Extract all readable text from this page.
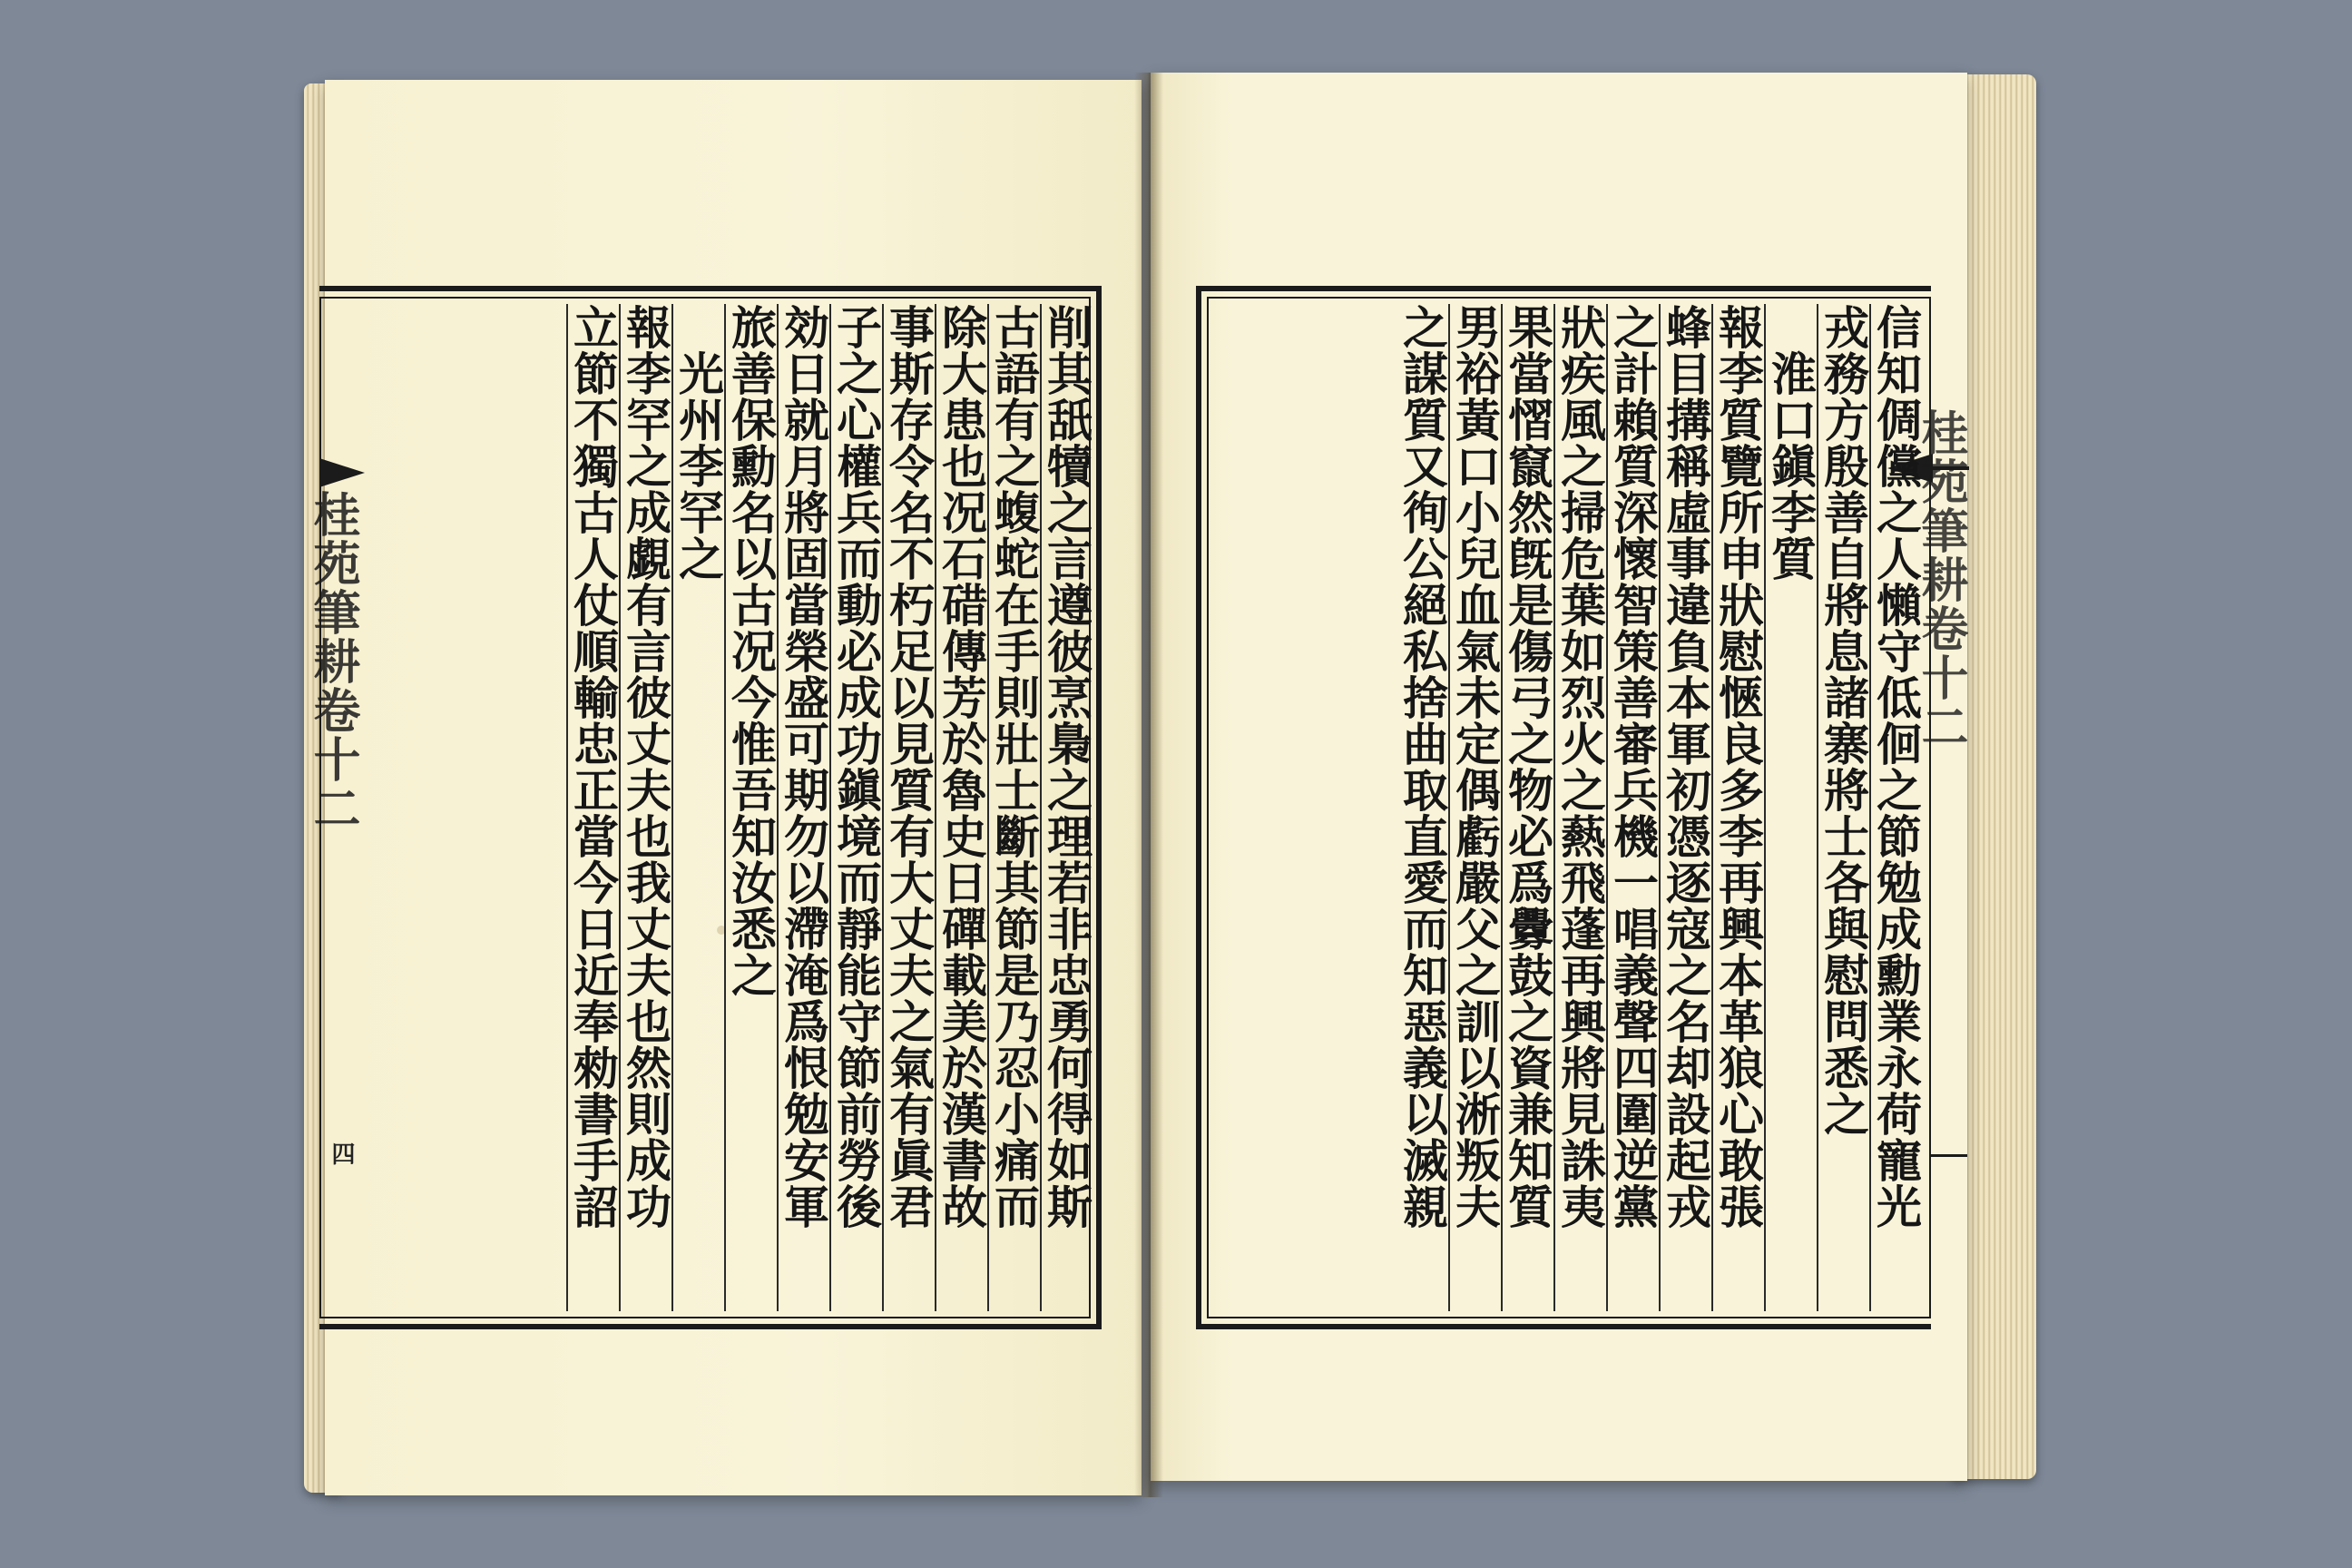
桂苑筆耕卷十二
四	削其舐犢之言遵彼烹梟之理若非忠勇何得如斯
古語有之蝮蛇在手則壯士斷其節是乃忍小痛而
除大患也况石碏傳芳於魯史日磾載美於漢書故
事斯存令名不朽足以見質有大丈夫之氣有眞君
子之心權兵而動必成功鎭境而靜能守節前勞後
効日就月將固當榮盛可期勿以滯淹爲恨勉安軍
旅善保勳名以古况今惟吾知汝悉之
　光州李罕之
報李罕之成覷有言彼丈夫也我丈夫也然則成功
立節不獨古人仗順輸忠正當今日近奉勑書手詔	桂苑筆耕卷十二
信知倜儻之人懶守低佪之節勉成勳業永荷寵光
戎務方殷善自將息諸寨將士各與慰問悉之
　淮口鎭李質
報李質覽所申狀慰愜良多李再興本革狼心敢張
蜂目搆稱虛事違負本軍初憑逐寇之名却設起戎
之計賴質深懷智策善審兵機一唱義聲四圍逆黨
狀疾風之掃危葉如烈火之爇飛蓬再興將見誅夷
果當慴竄然旣是傷弓之物必爲釁鼓之資兼知質
男裕黃口小兒血氣未定偶虧嚴父之訓以淅叛夫
之謀質又徇公絕私捨曲取直愛而知惡義以滅親
